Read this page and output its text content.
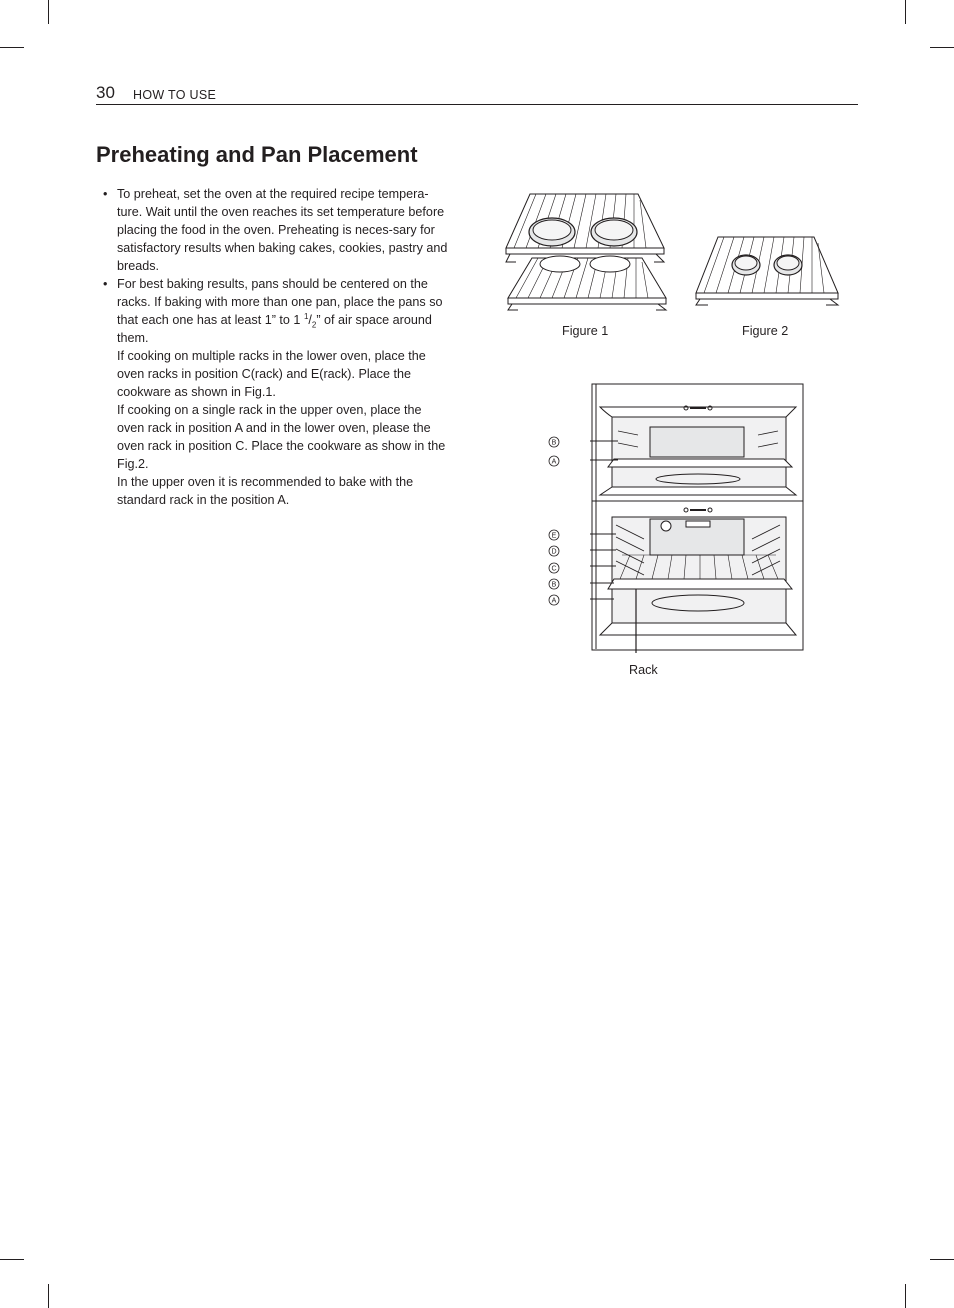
30 HOW TO USE
Preheating and Pan Placement
• To preheat, set the oven at the required recipe tempera-ture. Wait until the oven reaches its set temperature before placing the food in the oven. Preheating is neces-sary for satisfactory results when baking cakes, cookies, pastry and breads.
• For best baking results, pans should be centered on the racks. If baking with more than one pan, place the pans so that each one has at least 1” to 1 $^1/_2$” of air space around them.
If cooking on multiple racks in the lower oven, place the oven racks in position C(rack) and E(rack). Place the cookware as shown in Fig.1.
If cooking on a single rack in the upper oven, place the oven rack in position A and in the lower oven, please the oven rack in position C. Place the cookware as show in the Fig.2.
In the upper oven it is recommended to bake with the standard rack in the position A.
Figure 1	Figure 2
B
A
E
D
C
B
A
Rack
